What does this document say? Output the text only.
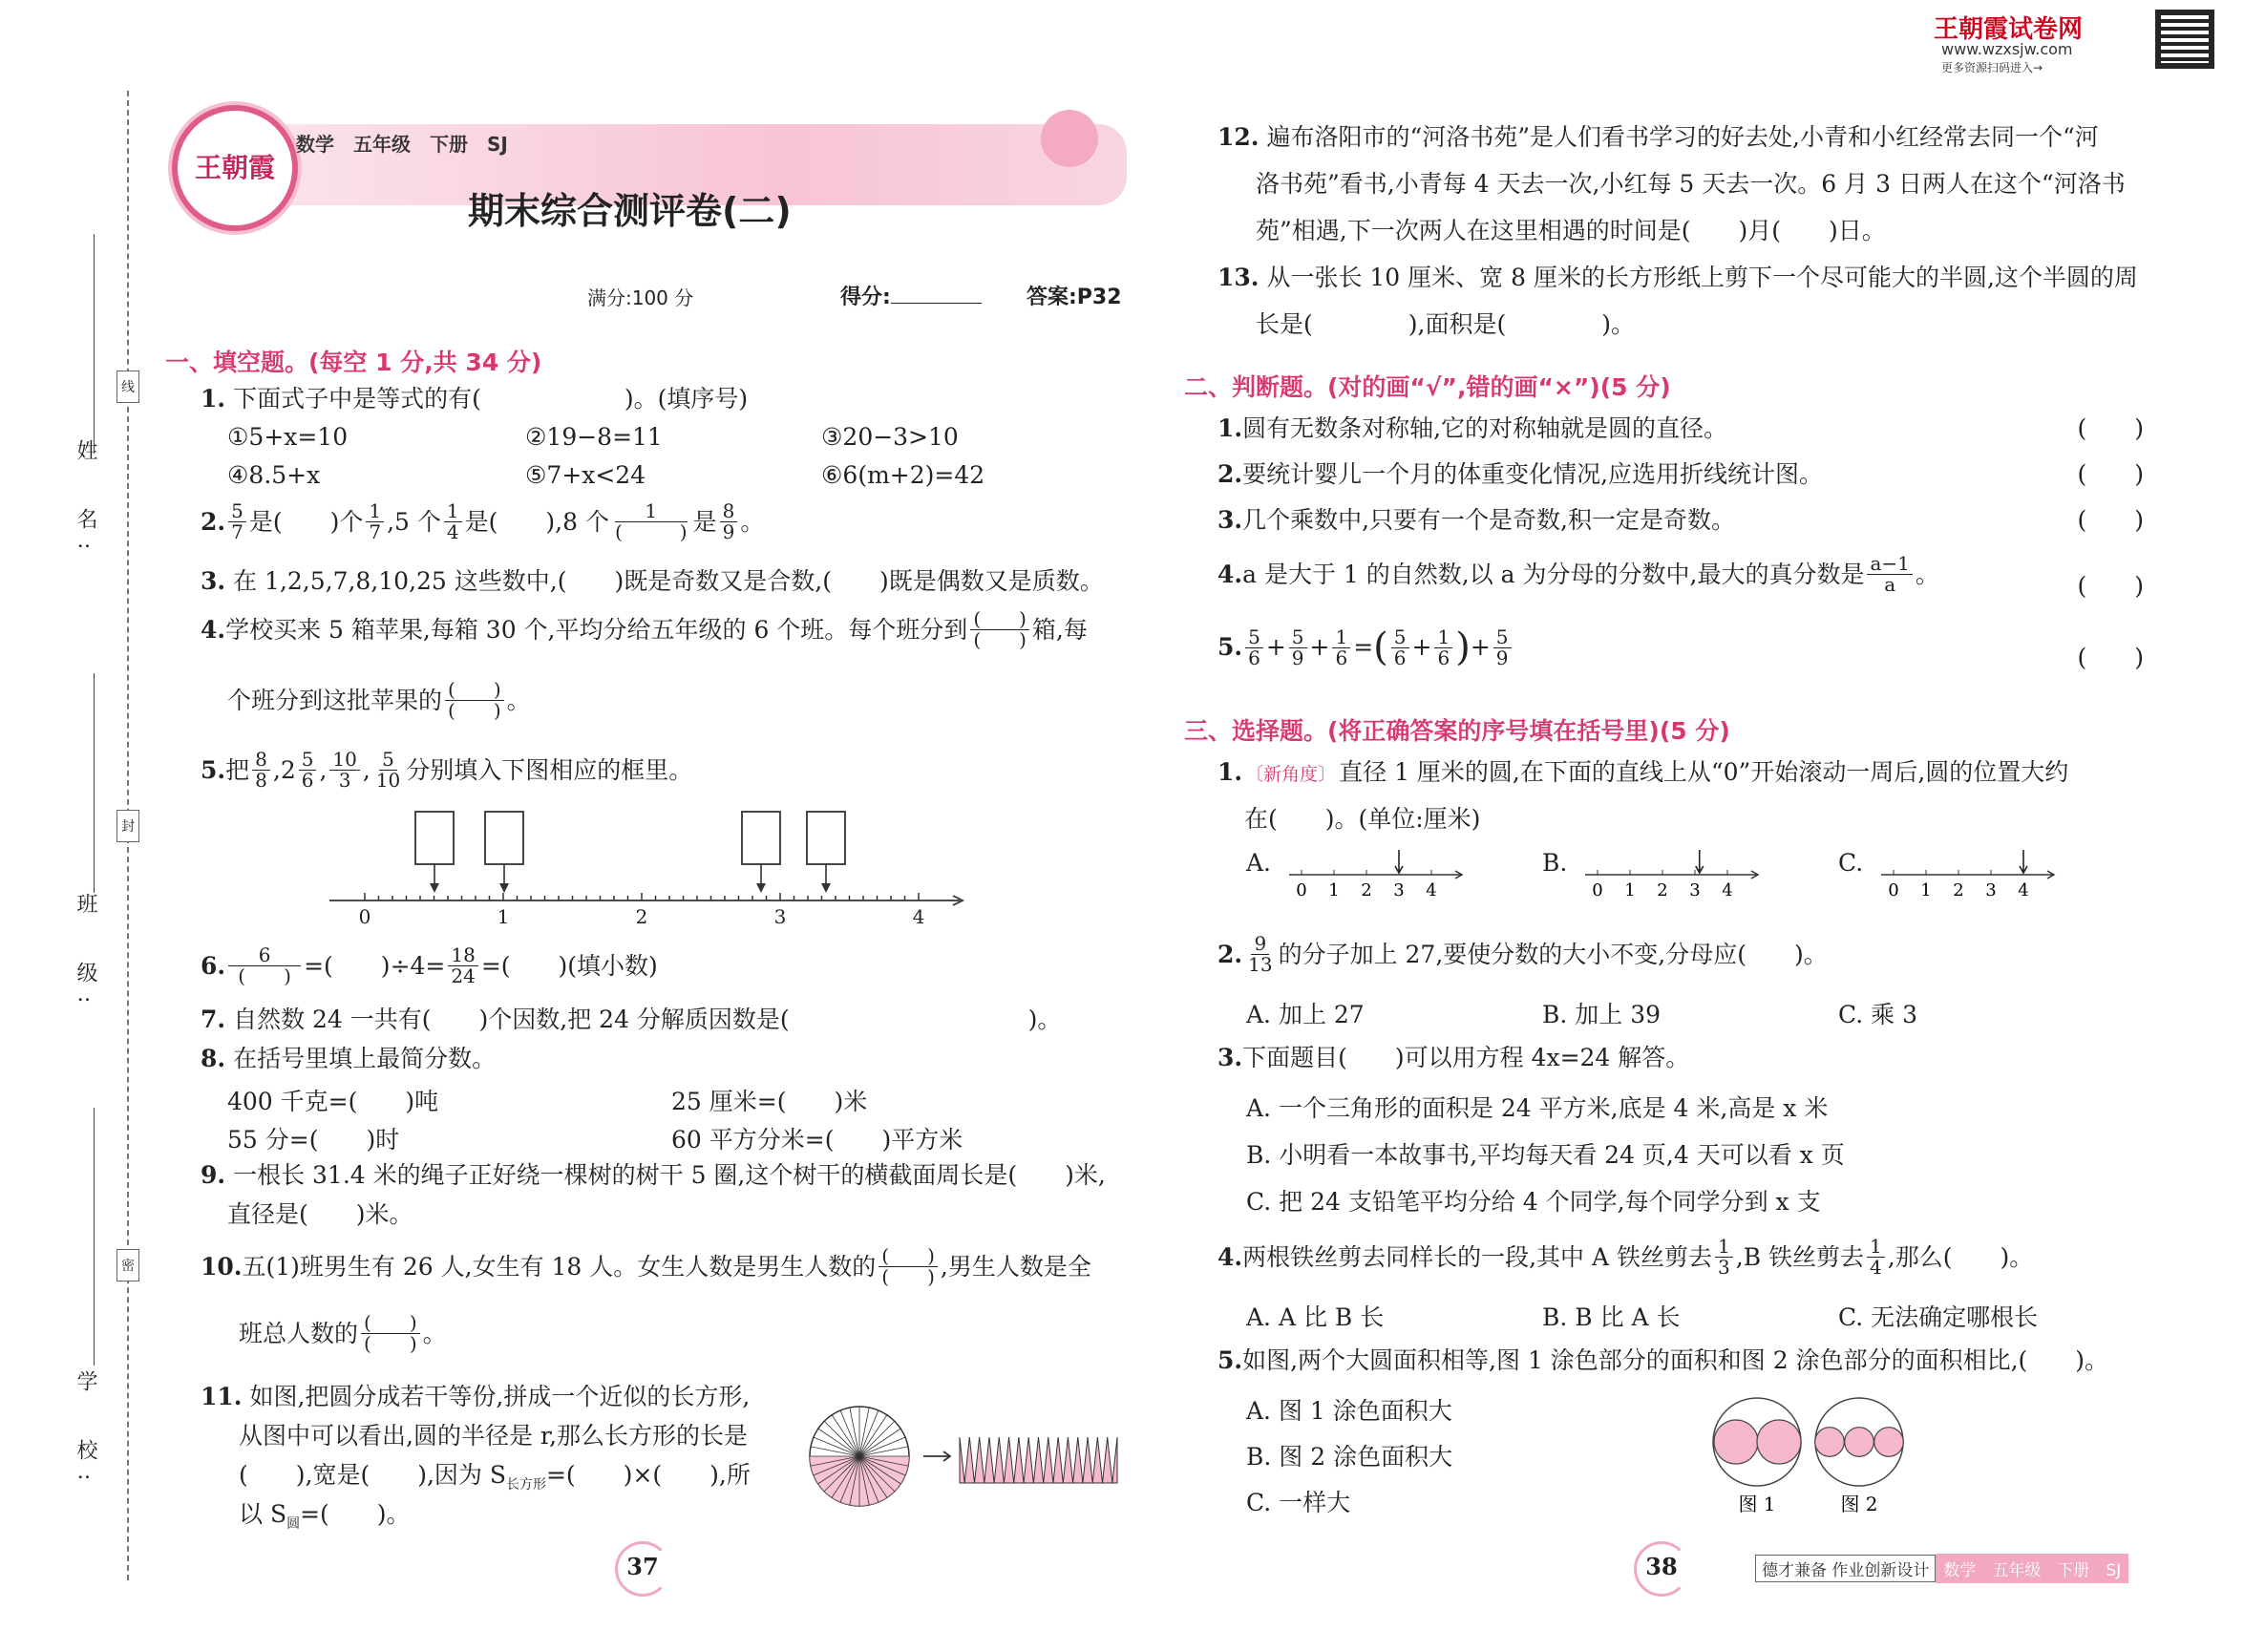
姓　名:
班　级:
学　校:
线
封
密
王朝霞试卷网
www.wzxsjw.com
更多资源扫码进入→
王朝霞
数学　五年级　下册　SJ
期末综合测评卷(二)
满分:100 分	得分:	答案:P32
一、填空题。(每空 1 分,共 34 分)
1. 下面式子中是等式的有(　　　　　　)。(填序号)
①5+x=10	②19−8=11	③20−3>10
④8.5+x	⑤7+x<24	⑥6(m+2)=42
2. $\frac{5}{7}$ 是(　　)个 $\frac{1}{7} ,5$ 个 $\frac{1}{4}$ 是(　　),8 个 $\frac{1}{( )}$ 是 $\frac{8}{9}$ 。
3. 在 1,2,5,7,8,10,25 这些数中,(　　)既是奇数又是合数,(　　)既是偶数又是质数。
4. 学校买来 5 箱苹果,每箱 30 个,平均分给五年级的 6 个班。每个班分到 $\frac{( )}{( )}$ 箱,每
个班分到这批苹果的 $\frac{( )}{( )}$ 。
5. 把 $\frac{8}{8}$ , $2 \frac{5}{6}$ , $\frac{10}{3}$ , $\frac{5}{10}$ 分别填入下图相应的框里。
0	1	2	3	4
6. $\frac{6}{( )}$ =(　　)$\div 4= \frac{18}{24}$ =(　　)(填小数)
7. 自然数 24 一共有(　　)个因数,把 24 分解质因数是(　　　　　　　　　　)。
8. 在括号里填上最简分数。
400 千克=(　　)吨	25 厘米=(　　)米
55 分=(　　)时	60 平方分米=(　　)平方米
9. 一根长 31.4 米的绳子正好绕一棵树的树干 5 圈,这个树干的横截面周长是(　　)米,
直径是(　　)米。
10. 五(1)班男生有 26 人,女生有 18 人。女生人数是男生人数的 $\frac{( )}{( )}$ ,男生人数是全
班总人数的 $\frac{( )}{( )}$ 。
11. 如图,把圆分成若干等份,拼成一个近似的长方形,
从图中可以看出,圆的半径是 r,那么长方形的长是
(　　),宽是(　　),因为 $S_{长方形}=$(　　)×(　　),所
以 $S_圆=$(　　)。
37
12. 遍布洛阳市的“河洛书苑”是人们看书学习的好去处,小青和小红经常去同一个“河
洛书苑”看书,小青每 4 天去一次,小红每 5 天去一次。6 月 3 日两人在这个“河洛书
苑”相遇,下一次两人在这里相遇的时间是(　　)月(　　)日。
13. 从一张长 10 厘米、宽 8 厘米的长方形纸上剪下一个尽可能大的半圆,这个半圆的周
长是(　　　　),面积是(　　　　)。
二、判断题。(对的画“√”,错的画“×”)(5 分)
1.圆有无数条对称轴,它的对称轴就是圆的直径。	(　　)
2.要统计婴儿一个月的体重变化情况,应选用折线统计图。	(　　)
3.几个乘数中,只要有一个是奇数,积一定是奇数。	(　　)
4. a 是大于 1 的自然数,以 a 为分母的分数中,最大的真分数是 $\frac{a-1}{a}$ 。	(　　)
5. $\frac{5}{6} + \frac{5}{9} + \frac{1}{6}$ = ( $\frac{5}{6} + \frac{1}{6}$ ) + $\frac{5}{9}$	(　　)
三、选择题。(将正确答案的序号填在括号里)(5 分)
1. 〔新角度〕 直径 1 厘米的圆,在下面的直线上从“0”开始滚动一周后,圆的位置大约
在(　　)。(单位:厘米)
A.
0 1 2 3 4
B.
0 1 2 3 4
C.
0 1 2 3 4
2. $\frac{9}{13}$ 的分子加上 27,要使分数的大小不变,分母应(　　)。
A. 加上 27	B. 加上 39	C. 乘 3
3.下面题目(　　)可以用方程 4x=24 解答。
A. 一个三角形的面积是 24 平方米,底是 4 米,高是 x 米
B. 小明看一本故事书,平均每天看 24 页,4 天可以看 x 页
C. 把 24 支铅笔平均分给 4 个同学,每个同学分到 x 支
4. 两根铁丝剪去同样长的一段,其中 A 铁丝剪去 $\frac{1}{3} ,B$ 铁丝剪去 $\frac{1}{4}$ ,那么(　　)。
A. A 比 B 长	B. B 比 A 长	C. 无法确定哪根长
5.如图,两个大圆面积相等,图 1 涂色部分的面积和图 2 涂色部分的面积相比,(　　)。
A. 图 1 涂色面积大
B. 图 2 涂色面积大
C. 一样大	图 1	图 2
38	德才兼备 作业创新设计 数学　五年级　下册　SJ
